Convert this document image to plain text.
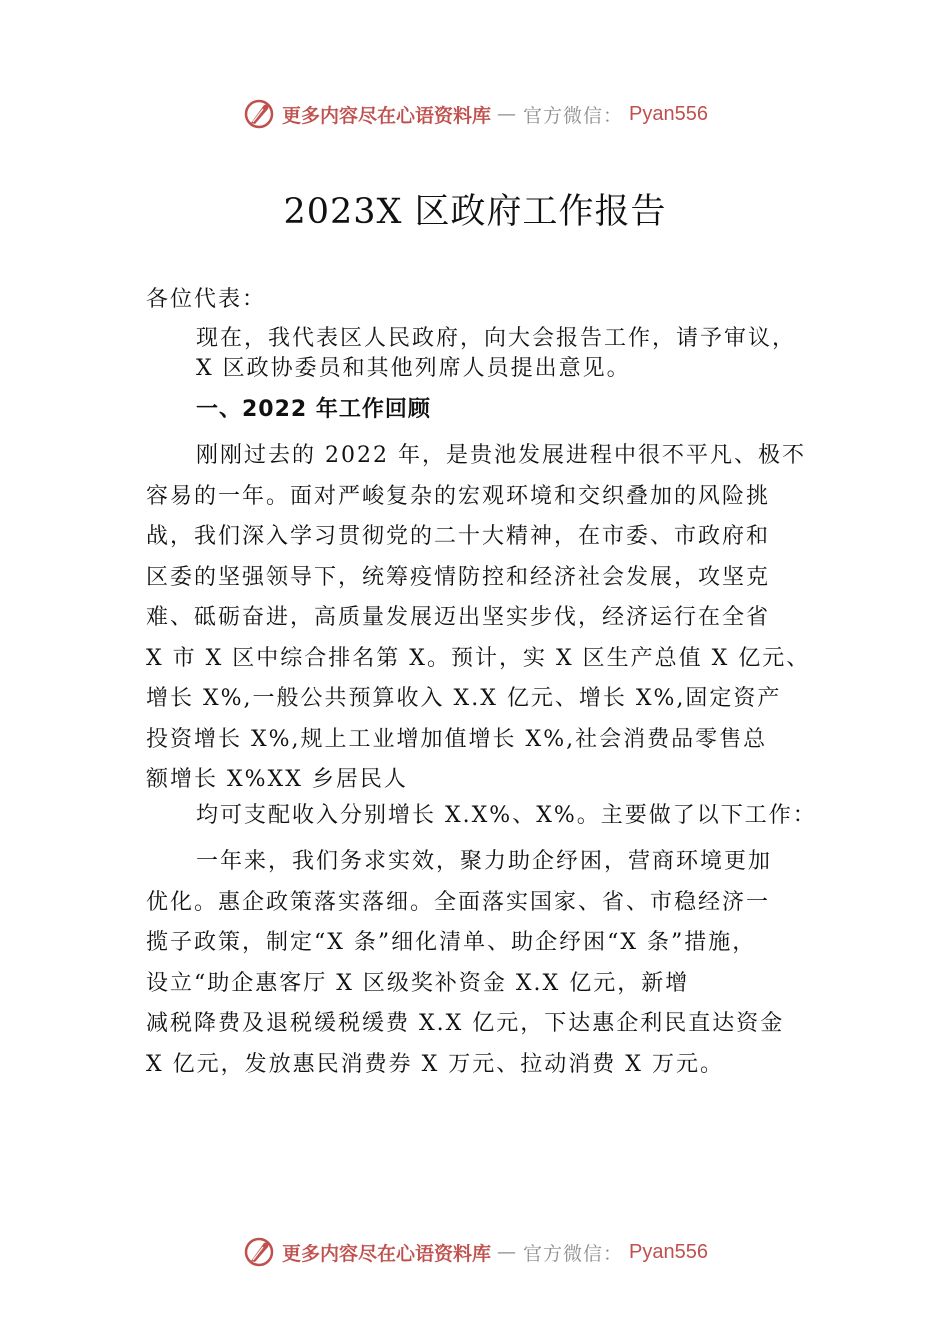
更多内容尽在心语资料库 — 官方微信： Pyan556
2023X 区政府工作报告
各位代表：

现在，我代表区人民政府，向大会报告工作，请予审议，

X 区政协委员和其他列席人员提出意见。

一、2022 年工作回顾

刚刚过去的 2022 年，是贵池发展进程中很不平凡、极不

容易的一年。面对严峻复杂的宏观环境和交织叠加的风险挑

战，我们深入学习贯彻党的二十大精神，在市委、市政府和

区委的坚强领导下，统筹疫情防控和经济社会发展，攻坚克

难、砥砺奋进，高质量发展迈出坚实步伐，经济运行在全省

X 市 X 区中综合排名第 X。预计，实 X 区生产总值 X 亿元、

增长 X%,一般公共预算收入 X.X 亿元、增长 X%,固定资产

投资增长 X%,规上工业增加值增长 X%,社会消费品零售总

额增长 X%XX 乡居民人

均可支配收入分别增长 X.X%、X%。主要做了以下工作：

一年来，我们务求实效，聚力助企纾困，营商环境更加

优化。惠企政策落实落细。全面落实国家、省、市稳经济一

揽子政策，制定“X 条”细化清单、助企纾困“X 条”措施，

设立“助企惠客厅 X 区级奖补资金 X.X 亿元，新增

减税降费及退税缓税缓费 X.X 亿元，下达惠企利民直达资金

X 亿元，发放惠民消费券 X 万元、拉动消费 X 万元。

更多内容尽在心语资料库 — 官方微信： Pyan556
